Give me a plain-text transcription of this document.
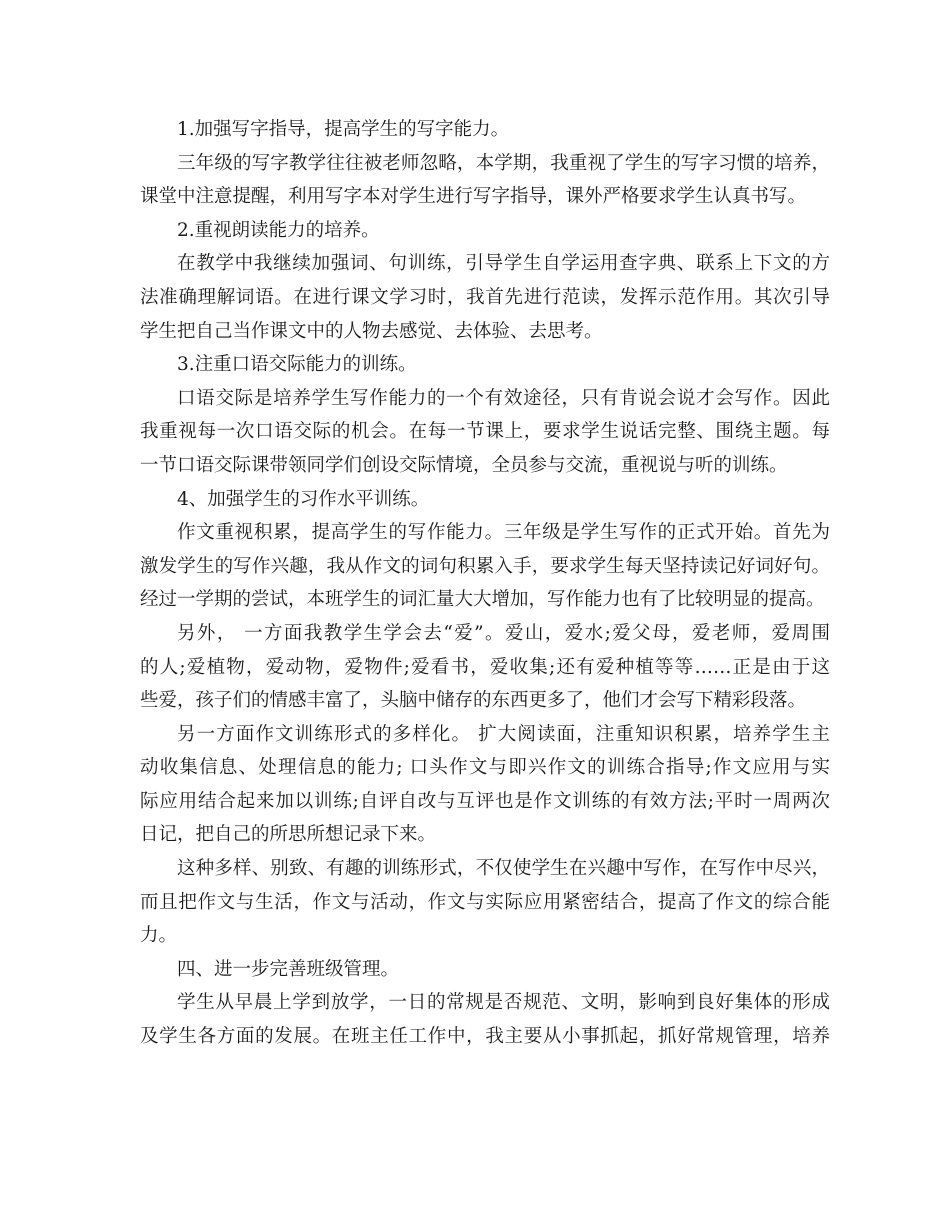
1.加强写字指导，提高学生的写字能力。
三年级的写字教学往往被老师忽略，本学期，我重视了学生的写字习惯的培养，
课堂中注意提醒，利用写字本对学生进行写字指导，课外严格要求学生认真书写。
2.重视朗读能力的培养。
在教学中我继续加强词、句训练，引导学生自学运用查字典、联系上下文的方
法准确理解词语。在进行课文学习时，我首先进行范读，发挥示范作用。其次引导
学生把自己当作课文中的人物去感觉、去体验、去思考。
3.注重口语交际能力的训练。
口语交际是培养学生写作能力的一个有效途径，只有肯说会说才会写作。因此
我重视每一次口语交际的机会。在每一节课上，要求学生说话完整、围绕主题。每
一节口语交际课带领同学们创设交际情境，全员参与交流，重视说与听的训练。
4、加强学生的习作水平训练。
作文重视积累，提高学生的写作能力。三年级是学生写作的正式开始。首先为
激发学生的写作兴趣，我从作文的词句积累入手，要求学生每天坚持读记好词好句。
经过一学期的尝试，本班学生的词汇量大大增加，写作能力也有了比较明显的提高。
另外， 一方面我教学生学会去“爱”。爱山，爱水;爱父母，爱老师，爱周围
的人;爱植物，爱动物，爱物件;爱看书，爱收集;还有爱种植等等……正是由于这
些爱，孩子们的情感丰富了，头脑中储存的东西更多了，他们才会写下精彩段落。
另一方面作文训练形式的多样化。 扩大阅读面，注重知识积累，培养学生主
动收集信息、处理信息的能力; 口头作文与即兴作文的训练合指导;作文应用与实
际应用结合起来加以训练;自评自改与互评也是作文训练的有效方法;平时一周两次
日记，把自己的所思所想记录下来。
这种多样、别致、有趣的训练形式，不仅使学生在兴趣中写作，在写作中尽兴，
而且把作文与生活，作文与活动，作文与实际应用紧密结合，提高了作文的综合能
力。
四、进一步完善班级管理。
学生从早晨上学到放学，一日的常规是否规范、文明，影响到良好集体的形成
及学生各方面的发展。在班主任工作中，我主要从小事抓起，抓好常规管理，培养
